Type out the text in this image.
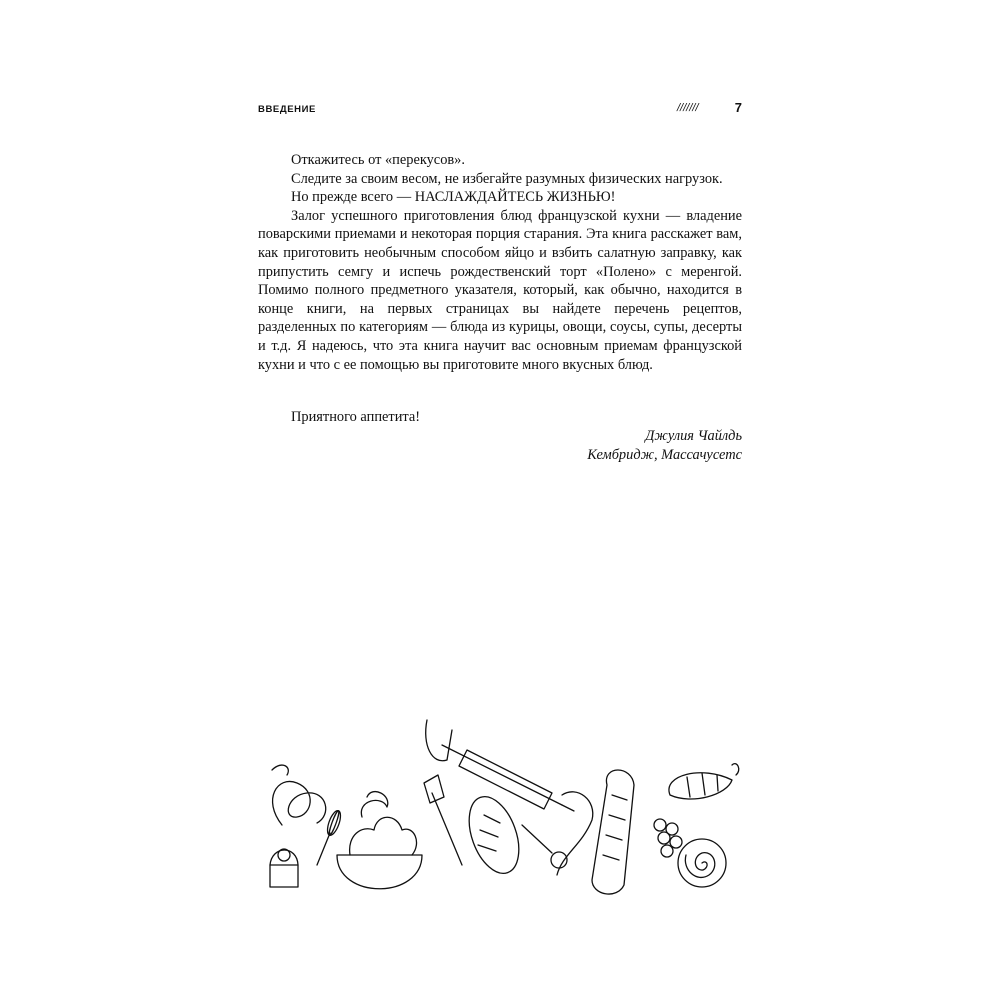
ВВЕДЕНИЕ	///////	7

Откажитесь от «перекусов».

Следите за своим весом, не избегайте разумных физических нагрузок.

Но прежде всего — НАСЛАЖДАЙТЕСЬ ЖИЗНЬЮ!

Залог успешного приготовления блюд французской кухни — владение поварскими приемами и некоторая порция старания. Эта книга расскажет вам, как приготовить необычным способом яйцо и взбить салатную заправку, как припустить семгу и испечь рождественский торт «Полено» с меренгой. Помимо полного предметного указателя, который, как обычно, находится в конце книги, на первых страницах вы найдете перечень рецептов, разделенных по категориям — блюда из курицы, овощи, соусы, супы, десерты и т.д. Я надеюсь, что эта книга научит вас основным приемам французской кухни и что с ее помощью вы приготовите много вкусных блюд.

Приятного аппетита!
Джулия Чайлдь
Кембридж, Массачусетс
